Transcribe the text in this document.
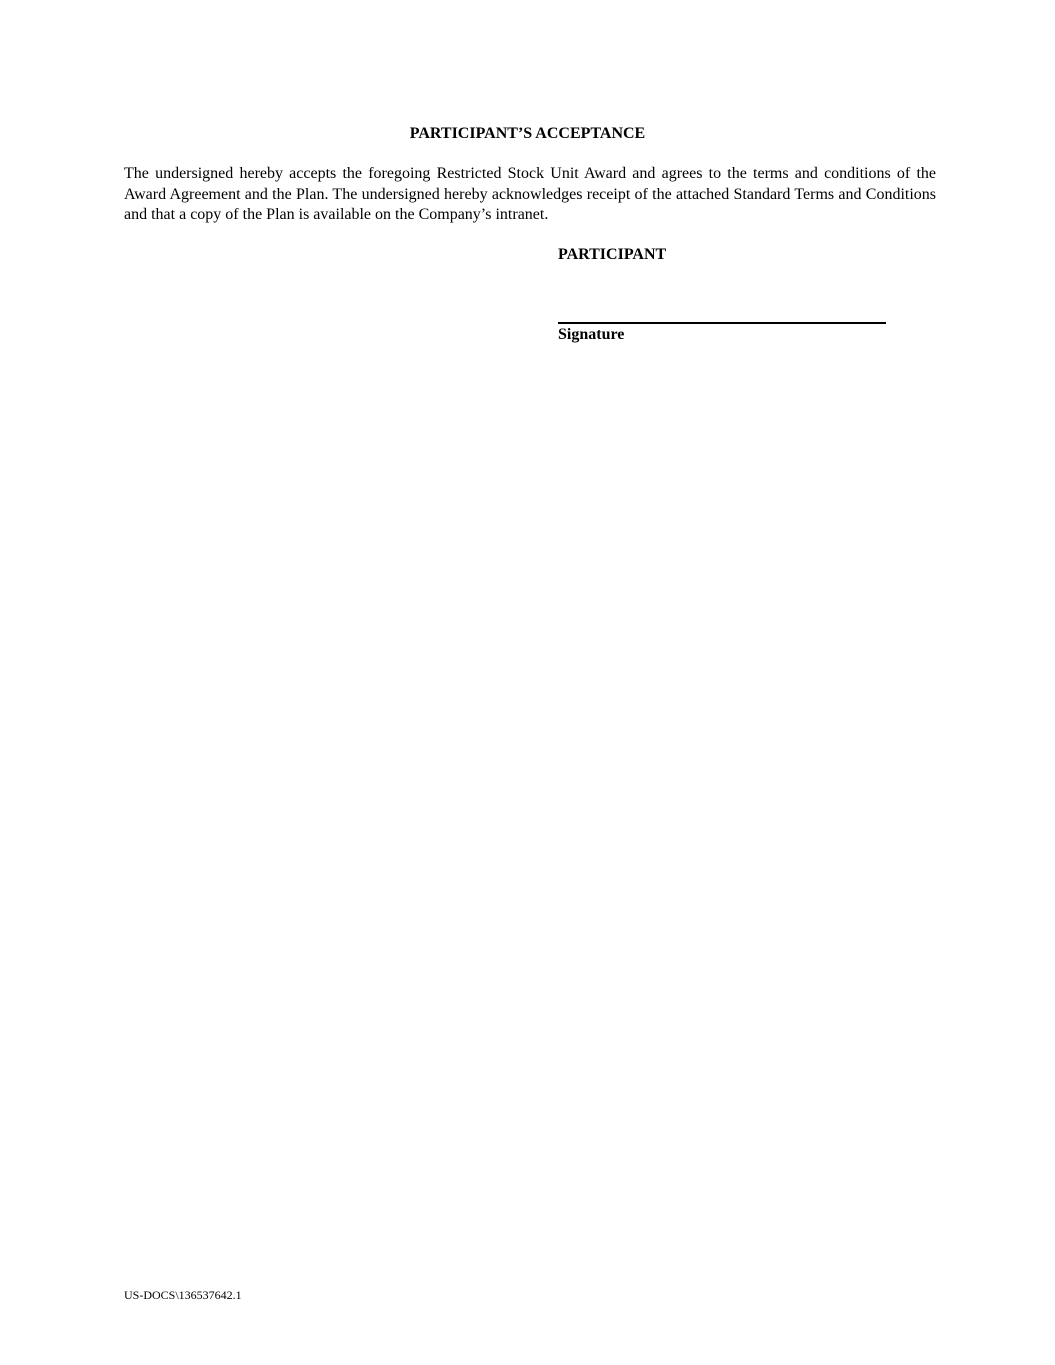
PARTICIPANT’S ACCEPTANCE
The undersigned hereby accepts the foregoing Restricted Stock Unit Award and agrees to the terms and conditions of the Award Agreement and the Plan. The undersigned hereby acknowledges receipt of the attached Standard Terms and Conditions and that a copy of the Plan is available on the Company’s intranet.
PARTICIPANT
Signature
US-DOCS\136537642.1
